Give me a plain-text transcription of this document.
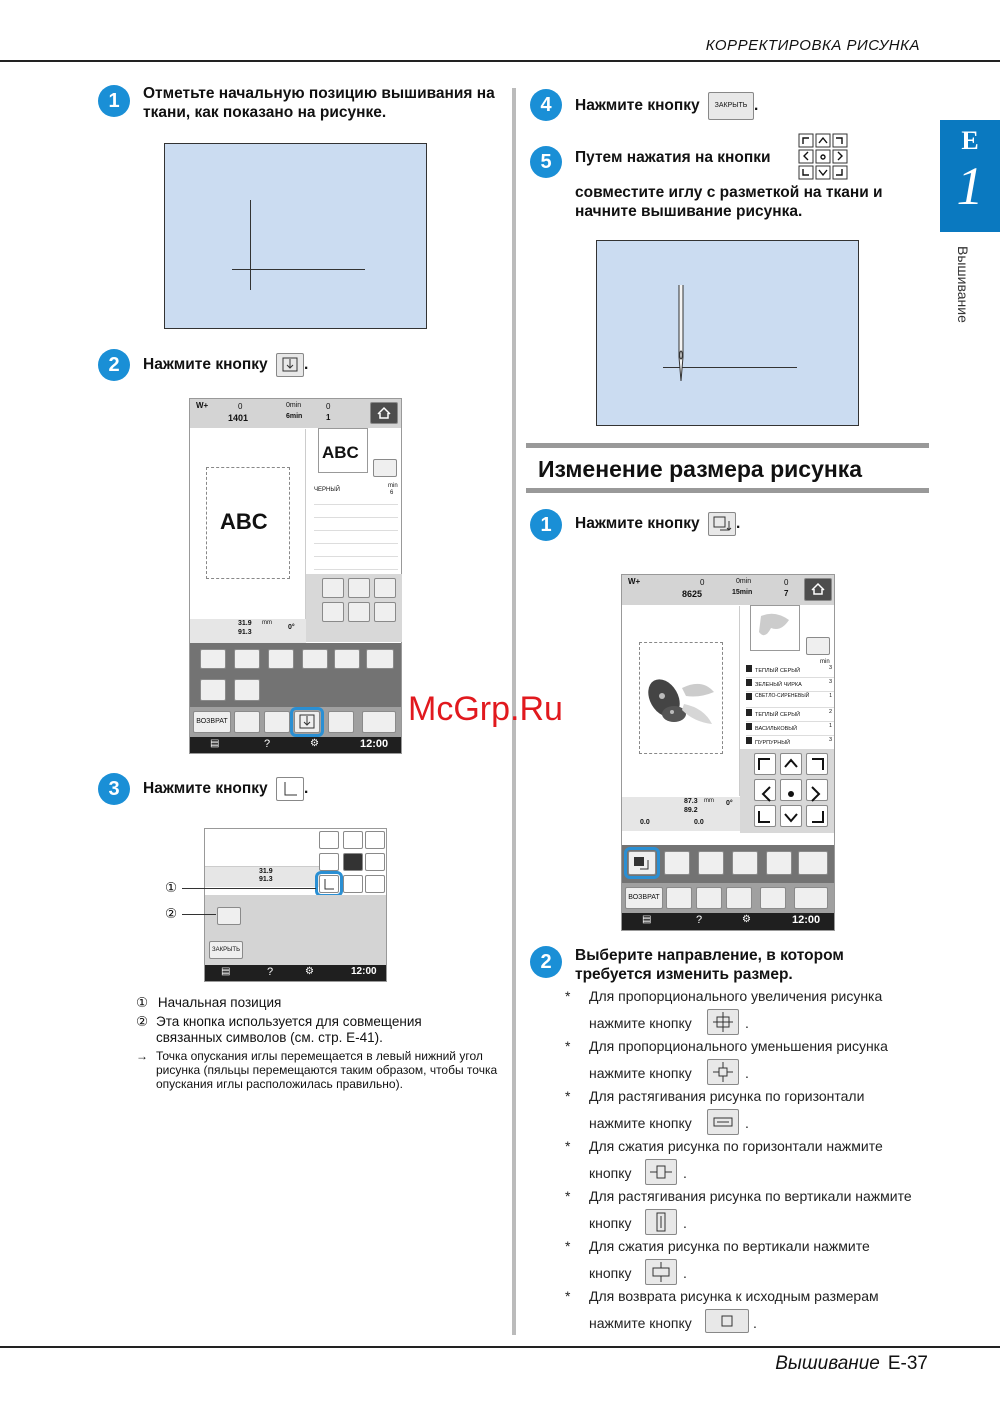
КОРРЕКТИРОВКА РИСУНКА
Вышивание E-37
E
1
Вышивание
1	Отметьте начальную позицию вышивания на ткани, как показано на рисунке.
2	Нажмите кнопку .
W+	0
1401
0min
6min
0
1
ABC
ABC
ЧЕРНЫЙ
min
6
31.9
91.3
mm
0°
ВОЗВРАТ
▤	?	⚙	12:00
3	Нажмите кнопку .
31.9
91.3
ЗАКРЫТЬ
▤	?	⚙	12:00
①
②
① Начальная позиция
② Эта кнопка используется для совмещения связанных символов (см. стр. E-41).
→ Точка опускания иглы перемещается в левый нижний угол рисунка (пяльцы перемещаются таким образом, чтобы точка опускания иглы расположилась правильно).
4	Нажмите кнопку ЗАКРЫТЬ .
5	Путем нажатия на кнопки
совместите иглу с разметкой на ткани и начните вышивание рисунка.
Изменение размера рисунка
1	Нажмите кнопку .
W+	0
8625
0min
15min
0
7
min
ТЕПЛЫЙ СЕРЫЙ	3
ЗЕЛЕНЫЙ ЧИРКА	3
СВЕТЛО-СИРЕНЕВЫЙ	1
ТЕПЛЫЙ СЕРЫЙ	2
ВАСИЛЬКОВЫЙ	1
ПУРПУРНЫЙ	3
87.3
89.2
mm 0°
0.0	0.0
ВОЗВРАТ
▤	?	⚙	12:00
2	Выберите направление, в котором требуется изменить размер.
* Для пропорционального увеличения рисунка
нажмите кнопку	.
* Для пропорционального уменьшения рисунка
нажмите кнопку	.
* Для растягивания рисунка по горизонтали
нажмите кнопку	.
* Для сжатия рисунка по горизонтали нажмите
кнопку	.
* Для растягивания рисунка по вертикали нажмите
кнопку	.
* Для сжатия рисунка по вертикали нажмите
кнопку	.
* Для возврата рисунка к исходным размерам
нажмите кнопку	.
McGrp.Ru
